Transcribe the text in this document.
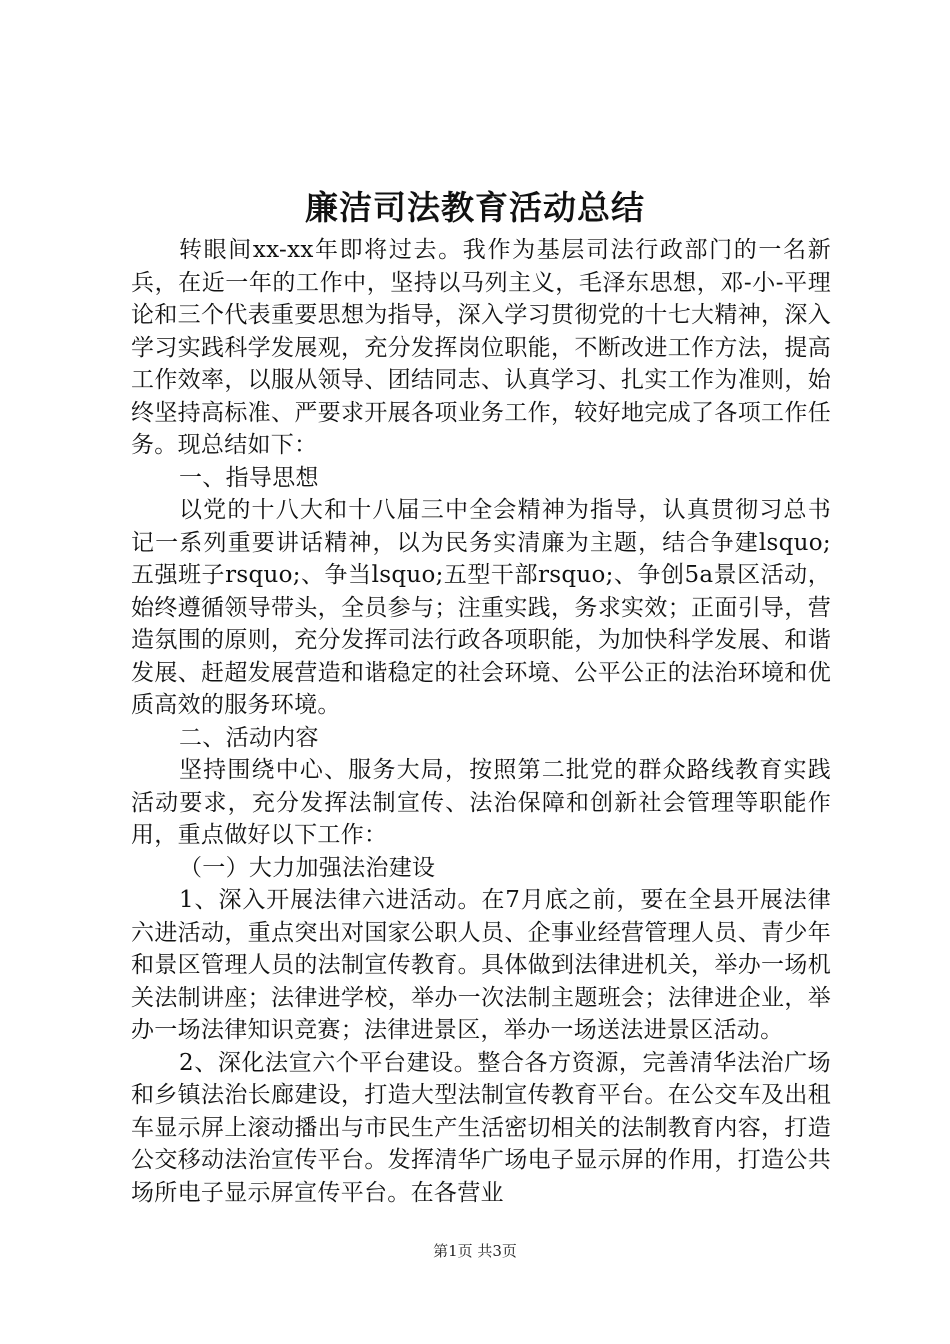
廉洁司法教育活动总结

转眼间xx-xx年即将过去。我作为基层司法行政部门的一名新兵，在近一年的工作中，坚持以马列主义，毛泽东思想，邓-小-平理论和三个代表重要思想为指导，深入学习贯彻党的十七大精神，深入学习实践科学发展观，充分发挥岗位职能，不断改进工作方法，提高工作效率，以服从领导、团结同志、认真学习、扎实工作为准则，始终坚持高标准、严要求开展各项业务工作，较好地完成了各项工作任务。现总结如下：

一、指导思想

以党的十八大和十八届三中全会精神为指导，认真贯彻习总书记一系列重要讲话精神，以为民务实清廉为主题，结合争建lsquo;五强班子rsquo;、争当lsquo;五型干部rsquo;、争创5a景区活动，始终遵循领导带头，全员参与；注重实践，务求实效；正面引导，营造氛围的原则，充分发挥司法行政各项职能，为加快科学发展、和谐发展、赶超发展营造和谐稳定的社会环境、公平公正的法治环境和优质高效的服务环境。

二、活动内容

坚持围绕中心、服务大局，按照第二批党的群众路线教育实践活动要求，充分发挥法制宣传、法治保障和创新社会管理等职能作用，重点做好以下工作：

（一）大力加强法治建设

1、深入开展法律六进活动。在7月底之前，要在全县开展法律六进活动，重点突出对国家公职人员、企事业经营管理人员、青少年和景区管理人员的法制宣传教育。具体做到法律进机关，举办一场机关法制讲座；法律进学校，举办一次法制主题班会；法律进企业，举办一场法律知识竞赛；法律进景区，举办一场送法进景区活动。

2、深化法宣六个平台建设。整合各方资源，完善清华法治广场和乡镇法治长廊建设，打造大型法制宣传教育平台。在公交车及出租车显示屏上滚动播出与市民生产生活密切相关的法制教育内容，打造公交移动法治宣传平台。发挥清华广场电子显示屏的作用，打造公共场所电子显示屏宣传平台。在各营业

第1页 共3页
